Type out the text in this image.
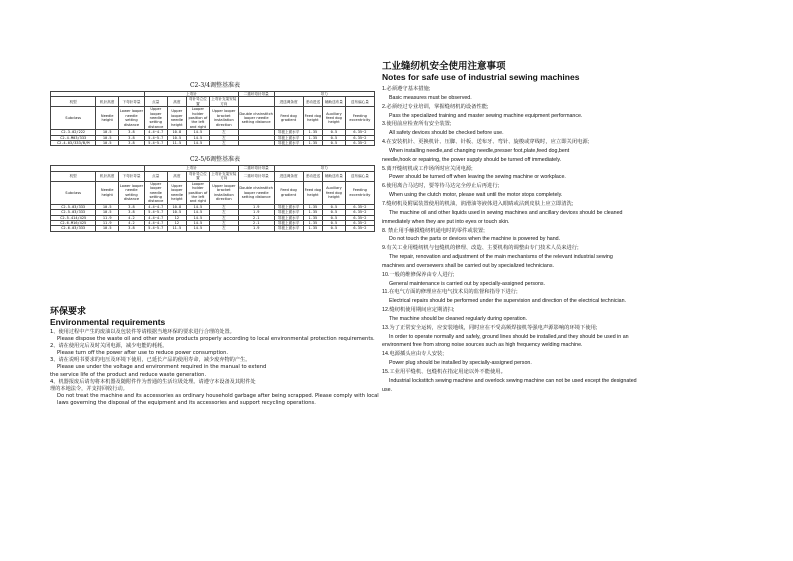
C2-3/4调整基准表
			上弯针				二重环弯针导量	导力			
机型	机针高度	下弯针导量	点量	高度	弯针导立位置	上弯针支架安装方向		进送调条度	差动进送	辅助送布量	送布偏心量
Subclass	Needle height	Lower looper needle setting distance	Upper looper needle setting distance	Upper looper needle height	Looper holder position of the left and right	Upper looper bracket installation direction	Double chainstitch looper needle setting distance	Feed dog gradient	Feed dog height	Auxiliary feed dog height	Feeding eccentricity
C2-3-02/222	10.5	3.8	4.4~4.7	10.8	14.5	左		导板上面水平	1.35	0.5	6.35~2
C2-4-M03/333	10.5	3.8	5.4~5.7	10.5	14.5	左		导板上面水平	1.35	0.5	6.35~2
C2-4-03/333/B/M	10.5	3.8	5.4~5.7	11.5	14.5	左		导板上面水平	1.35	0.5	6.35~2
C2-5/6调整基准表
			上弯针				二重环弯针导量	导力			
机型	机针高度	下弯针导量	点量	高度	弯针导立位置	上弯针支架安装方向	二重环弯针导量	进送调条度	差动进送	辅助送布量	送布偏心量
Subclass	Needle height	Lower looper needle setting distance	Upper looper needle setting distance	Upper looper needle height	Looper holder position of the left and right	Upper looper bracket installation direction	Double chainstitch looper needle setting distance	Feed dog gradient	Feed dog height	Auxiliary feed dog height	Feeding eccentricity
C2-5-03/333	10.5	3.8	4.4~4.7	10.8	14.5	左	1.9	导板上面水平	1.35	0.5	6.35~2
C2-5-03/333	10.5	3.8	5.4~5.7	10.5	14.5	左	1.9	导板上面水平	1.35	0.5	6.35~2
C2-5-414/425	11.9	4.2	4.4~4.7	12	14.5	左	2.1	导板上面水平	1.35	0.5	6.35~2
C2-6-M16/425	11.9	4.2	4.4~4.7	12	14.5	左	2.1	导板上面水平	1.35	0.5	6.35~2
C2-6-03/333	10.5	3.8	5.4~5.7	11.5	14.5	左	1.9	导板上面水平	1.35	0.5	6.35~2
环保要求
Environmental requirements

1、使用过程中产生的废油以及包装件等请根据当地环保的要求进行合理的处置。

Please dispose the waste oil and other waste products properly according to local environmental protection requirements.

2、请在使用完后及时关闭电源，减少电能的耗耗。

Please turn off the power after use to reduce power consumption.

3、请在说明书要求的电压及环境下使用，已延长产品的使用寿命，减少废弃物的产生。

Please use under the voltage and environment required in the manual to extend

the service life of the product and reduce waste generation.

4、机器报废后请勿将本机器及随附件作为普通的生活垃圾处理。请遵守本设备及其附件处

理的本地法令，并支持回收行动。

Do not treat the machine and its accessories as ordinary household garbage after being scrapped. Please comply with local laws governing the disposal of the equipment and its accessories and support recycling operations.

工业缝纫机安全使用注意事项
Notes for safe use of industrial sewing machines

1.必须遵守基本措施;

Basic measures must be observed.

2.必须经过专业培训，掌握缝纫机的设备性能;

Pass the specialized training and master sewing machine equipment performance.

3.使用前应检查所有安全装置;

All safety devices should be checked before use.

4.在安装机针、更换机针、压脚、针板、送布牙、弯针、旋梭或穿线时，应立即关闭电源;

When installing needle,and changing needle,presser foot,plate,feed dog,bent

needle,hook or repairing, the power supply should be turned off immediately.

5.离开缝纫机或工作场所时应关闭电源;

Power should be turned off when leaving the sewing machine or workplace.

6.使用离合马达时，要等待马达完全停止后再进行;

When using the clutch motor, please wait until the motor stops completely.

7.缝纫机及附属装置使用的机油，润滑油等液体进入眼睛或沾到皮肤上应立即清洗;

The machine oil and other liquids used in sewing machines and ancillary devices should be cleaned

immediately when they are put into eyes or touch skin.

8. 禁止用手触摸缝纫机通电时的零件或装置;

Do not touch the parts or devices when the machine is powered by hand.

9.有关工业用缝纫机与包缝机的修理、改造、主要机构的调整由专门技术人员来进行;

The repair, renovation and adjustment of the main mechanisms of the relevant industrial sewing

machines and oversewers shall be carried out by specialized technicians.

10.一般的维修保养由专人进行;

General maintenance is carried out by specially-assigned persons.

11.在电气方面的修理应在电气技术员的监督和指导下进行;

Electrical repairs should be performed under the supervision and direction of the electrical technician.

12.缝纫机使用期间应定期清扫;

The machine should be cleaned regularly during operation.

13.为了正常安全运转，应安装地线，同时应在不受高频焊接机等强电声源影响的环境下使用;

In order to operate normally and safely, ground lines should be installed,and they should be used in an

environment free from strong noise sources such as high frequency welding machine.

14.电源插头应由专人安装;

Power plug should be installed by specially-assigned person.

15.工业用平缝机、包缝机在指定用途以外不能使用。

Industrial lockstitch sewing machine and overlock sewing machine can not be used except the designated

use.
